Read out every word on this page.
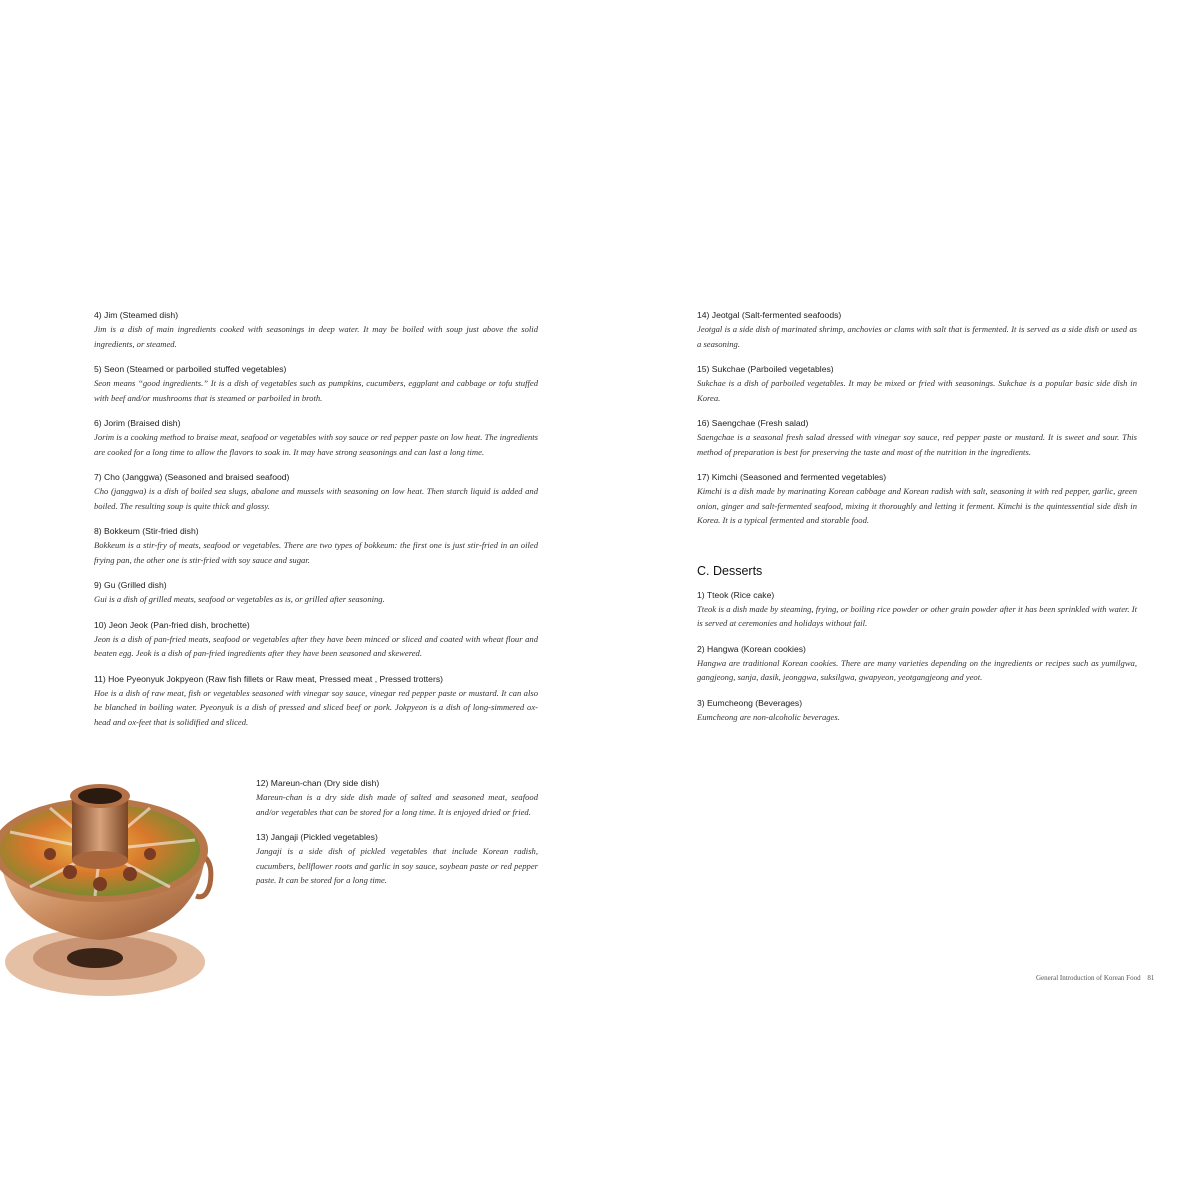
4) Jim (Steamed dish)
Jim is a dish of main ingredients cooked with seasonings in deep water. It may be boiled with soup just above the solid ingredients, or steamed.
5) Seon (Steamed or parboiled stuffed vegetables)
Seon means “good ingredients.” It is a dish of vegetables such as pumpkins, cucumbers, eggplant and cabbage or tofu stuffed with beef and/or mushrooms that is steamed or parboiled in broth.
6) Jorim (Braised dish)
Jorim is a cooking method to braise meat, seafood or vegetables with soy sauce or red pepper paste on low heat. The ingredients are cooked for a long time to allow the flavors to soak in. It may have strong seasonings and can last a long time.
7) Cho (Janggwa) (Seasoned and braised seafood)
Cho (janggwa) is a dish of boiled sea slugs, abalone and mussels with seasoning on low heat. Then starch liquid is added and boiled. The resulting soup is quite thick and glossy.
8) Bokkeum (Stir-fried dish)
Bokkeum is a stir-fry of meats, seafood or vegetables. There are two types of bokkeum: the first one is just stir-fried in an oiled frying pan, the other one is stir-fried with soy sauce and sugar.
9) Gu (Grilled dish)
Gui is a dish of grilled meats, seafood or vegetables as is, or grilled after seasoning.
10) Jeon Jeok (Pan-fried dish, brochette)
Jeon is a dish of pan-fried meats, seafood or vegetables after they have been minced or sliced and coated with wheat flour and beaten egg. Jeok is a dish of pan-fried ingredients after they have been seasoned and skewered.
11) Hoe Pyeonyuk Jokpyeon (Raw fish fillets or Raw meat, Pressed meat , Pressed trotters)
Hoe is a dish of raw meat, fish or vegetables seasoned with vinegar soy sauce, vinegar red pepper paste or mustard. It can also be blanched in boiling water. Pyeonyuk is a dish of pressed and sliced beef or pork. Jokpyeon is a dish of long-simmered ox-head and ox-feet that is solidified and sliced.
12) Mareun-chan (Dry side dish)
Mareun-chan is a dry side dish made of salted and seasoned meat, seafood and/or vegetables that can be stored for a long time. It is enjoyed dried or fried.
13) Jangaji (Pickled vegetables)
Jangaji is a side dish of pickled vegetables that include Korean radish, cucumbers, bellflower roots and garlic in soy sauce, soybean paste or red pepper paste. It can be stored for a long time.
14) Jeotgal (Salt-fermented seafoods)
Jeotgal is a side dish of marinated shrimp, anchovies or clams with salt that is fermented. It is served as a side dish or used as a seasoning.
15) Sukchae (Parboiled vegetables)
Sukchae is a dish of parboiled vegetables. It may be mixed or fried with seasonings. Sukchae is a popular basic side dish in Korea.
16) Saengchae (Fresh salad)
Saengchae is a seasonal fresh salad dressed with vinegar soy sauce, red pepper paste or mustard. It is sweet and sour. This method of preparation is best for preserving the taste and most of the nutrition in the ingredients.
17) Kimchi (Seasoned and fermented vegetables)
Kimchi is a dish made by marinating Korean cabbage and Korean radish with salt, seasoning it with red pepper, garlic, green onion, ginger and salt-fermented seafood, mixing it thoroughly and letting it ferment. Kimchi is the quintessential side dish in Korea. It is a typical fermented and storable food.
C. Desserts
1) Tteok (Rice cake)
Tteok is a dish made by steaming, frying, or boiling rice powder or other grain powder after it has been sprinkled with water. It is served at ceremonies and holidays without fail.
2) Hangwa (Korean cookies)
Hangwa are traditional Korean cookies. There are many varieties depending on the ingredients or recipes such as yumilgwa, gangjeong, sanja, dasik, jeonggwa, suksilgwa, gwapyeon, yeotgangjeong and yeot.
3) Eumcheong (Beverages)
Eumcheong are non-alcoholic beverages.
General Introduction of Korean Food 81
